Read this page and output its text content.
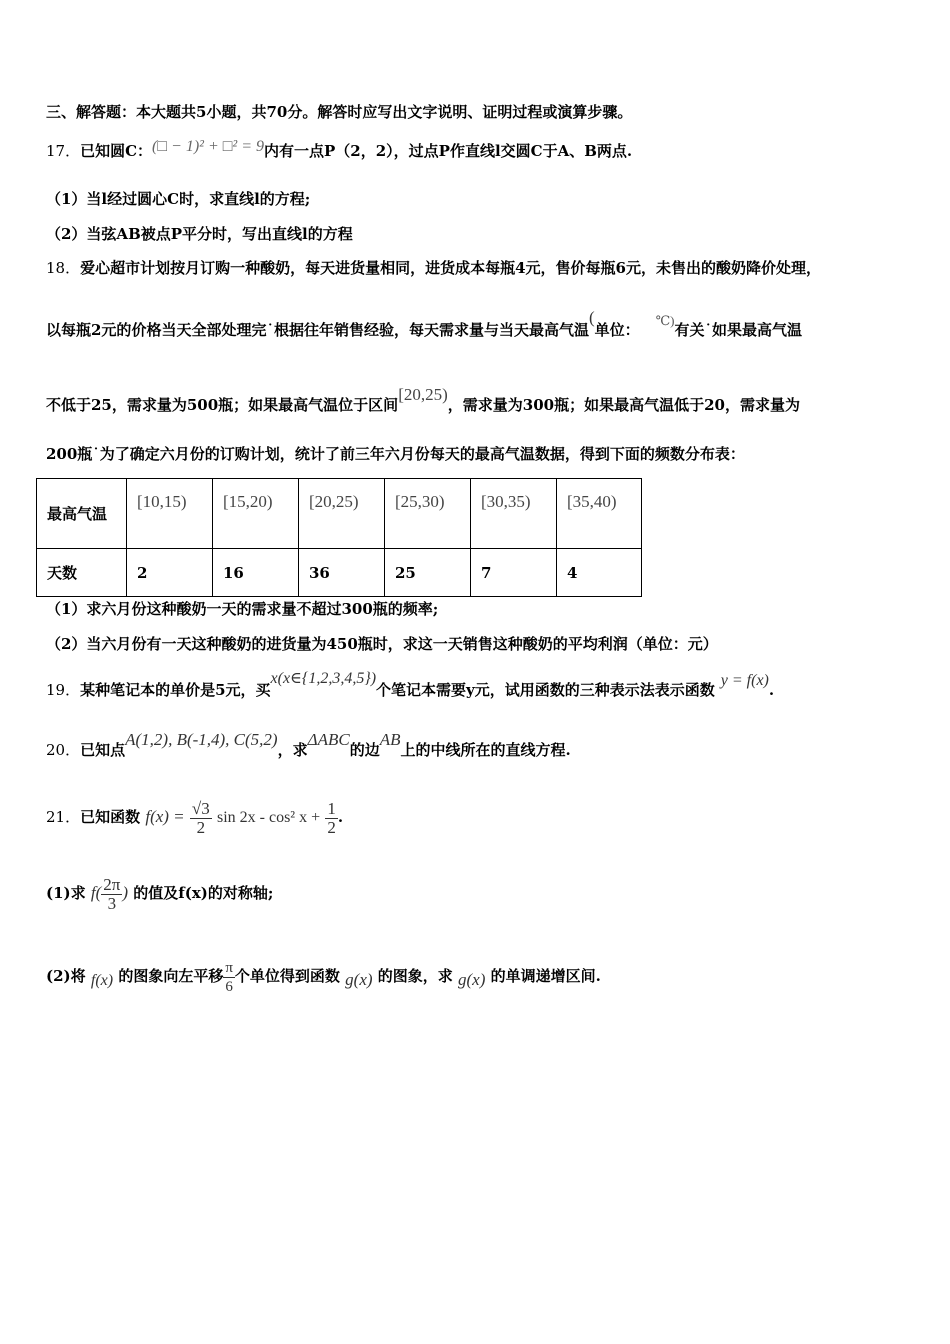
三、解答题：本大题共5小题，共70分。解答时应写出文字说明、证明过程或演算步骤。
17．已知圆C：(□ − 1)² + □² = 9内有一点P（2，2），过点P作直线l交圆C于A、B两点.
（1）当l经过圆心C时，求直线l的方程;
（2）当弦AB被点P平分时，写出直线l的方程
18．爱心超市计划按月订购一种酸奶，每天进货量相同，进货成本每瓶4元，售价每瓶6元，未售出的酸奶降价处理，
以每瓶2元的价格当天全部处理完˙根据往年销售经验，每天需求量与当天最高气温(单位：℃)有关˙如果最高气温
不低于25，需求量为500瓶；如果最高气温位于区间[20,25)，需求量为300瓶；如果最高气温低于20，需求量为
200瓶˙为了确定六月份的订购计划，统计了前三年六月份每天的最高气温数据，得到下面的频数分布表：
最高气温	[10,15)	[15,20)	[20,25)	[25,30)	[30,35)	[35,40)
天数	2	16	36	25	7	4
（1）求六月份这种酸奶一天的需求量不超过300瓶的频率;
（2）当六月份有一天这种酸奶的进货量为450瓶时，求这一天销售这种酸奶的平均利润（单位：元）
19．某种笔记本的单价是5元，买x(x∈{1,2,3,4,5})个笔记本需要y元，试用函数的三种表示法表示函数y = f(x).
20．已知点A(1,2), B(-1,4), C(5,2)，求ΔABC的边AB上的中线所在的直线方程.
21．已知函数 $f(x) = \frac{√3}{2}$ sin 2x - cos² $x + \frac{1}{2}$ .
(1)求 $f( \frac{2\pi}{3}$ ) 的值及f(x)的对称轴;
(2)将 f(x) 的图象向左平移 $\frac{\pi}{6}$ 个单位得到函数 g(x) 的图象，求 g(x) 的单调递增区间.
